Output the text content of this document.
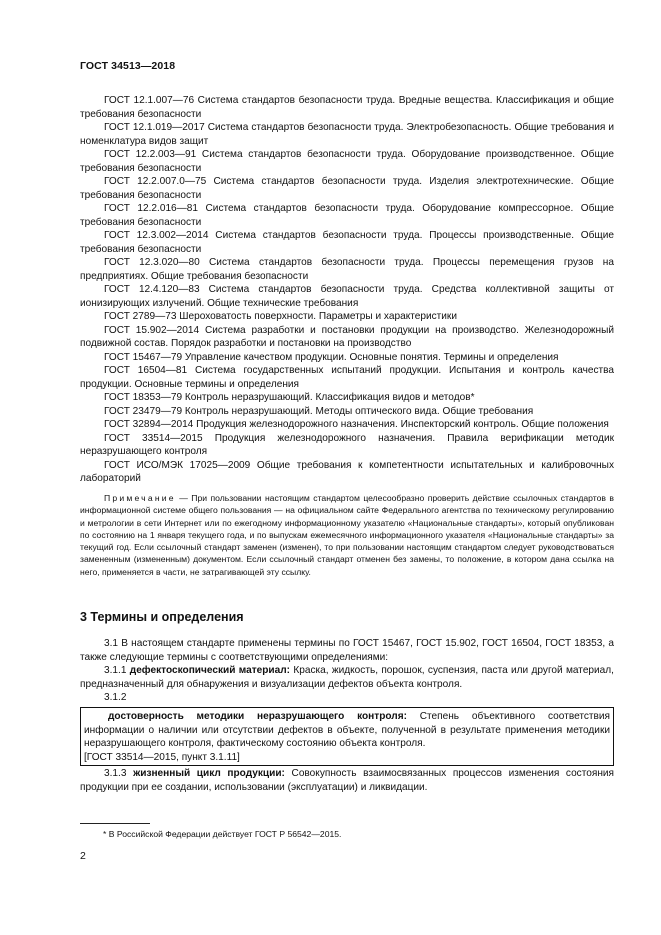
ГОСТ 34513—2018

ГОСТ 12.1.007—76 Система стандартов безопасности труда. Вредные вещества. Классификация и общие требования безопасности

ГОСТ 12.1.019—2017 Система стандартов безопасности труда. Электробезопасность. Общие требования и номенклатура видов защит

ГОСТ 12.2.003—91 Система стандартов безопасности труда. Оборудование производственное. Общие требования безопасности

ГОСТ 12.2.007.0—75 Система стандартов безопасности труда. Изделия электротехнические. Общие требования безопасности

ГОСТ 12.2.016—81 Система стандартов безопасности труда. Оборудование компрессорное. Общие требования безопасности

ГОСТ 12.3.002—2014 Система стандартов безопасности труда. Процессы производственные. Общие требования безопасности

ГОСТ 12.3.020—80 Система стандартов безопасности труда. Процессы перемещения грузов на предприятиях. Общие требования безопасности

ГОСТ 12.4.120—83 Система стандартов безопасности труда. Средства коллективной защиты от ионизирующих излучений. Общие технические требования

ГОСТ 2789—73 Шероховатость поверхности. Параметры и характеристики

ГОСТ 15.902—2014 Система разработки и постановки продукции на производство. Железнодорожный подвижной состав. Порядок разработки и постановки на производство

ГОСТ 15467—79 Управление качеством продукции. Основные понятия. Термины и определения

ГОСТ 16504—81 Система государственных испытаний продукции. Испытания и контроль качества продукции. Основные термины и определения

ГОСТ 18353—79 Контроль неразрушающий. Классификация видов и методов*

ГОСТ 23479—79 Контроль неразрушающий. Методы оптического вида. Общие требования

ГОСТ 32894—2014 Продукция железнодорожного назначения. Инспекторский контроль. Общие положения

ГОСТ 33514—2015 Продукция железнодорожного назначения. Правила верификации методик неразрушающего контроля

ГОСТ ИСО/МЭК 17025—2009 Общие требования к компетентности испытательных и калибровочных лабораторий

Примечание — При пользовании настоящим стандартом целесообразно проверить действие ссылочных стандартов в информационной системе общего пользования — на официальном сайте Федерального агентства по техническому регулированию и метрологии в сети Интернет или по ежегодному информационному указателю «Национальные стандарты», который опубликован по состоянию на 1 января текущего года, и по выпускам ежемесячного информационного указателя «Национальные стандарты» за текущий год. Если ссылочный стандарт заменен (изменен), то при пользовании настоящим стандартом следует руководствоваться замененным (измененным) документом. Если ссылочный стандарт отменен без замены, то положение, в котором дана ссылка на него, применяется в части, не затрагивающей эту ссылку.

3 Термины и определения

3.1 В настоящем стандарте применены термины по ГОСТ 15467, ГОСТ 15.902, ГОСТ 16504, ГОСТ 18353, а также следующие термины с соответствующими определениями:

3.1.1 дефектоскопический материал: Краска, жидкость, порошок, суспензия, паста или другой материал, предназначенный для обнаружения и визуализации дефектов объекта контроля.

3.1.2

достоверность методики неразрушающего контроля: Степень объективного соответствия информации о наличии или отсутствии дефектов в объекте, полученной в результате применения методики неразрушающего контроля, фактическому состоянию объекта контроля.

[ГОСТ 33514—2015, пункт 3.1.11]

3.1.3 жизненный цикл продукции: Совокупность взаимосвязанных процессов изменения состояния продукции при ее создании, использовании (эксплуатации) и ликвидации.

* В Российской Федерации действует ГОСТ Р 56542—2015.
2
